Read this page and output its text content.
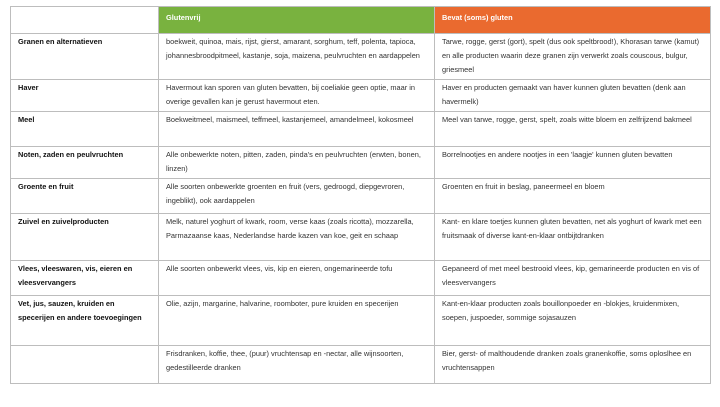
	Glutenvrij	Bevat (soms) gluten
Granen en alternatieven	boekweit, quinoa, mais, rijst, gierst, amarant, sorghum, teff, polenta, tapioca, johannesbroodpitmeel, kastanje, soja, maizena, peulvruchten en aardappelen	Tarwe, rogge, gerst (gort), spelt (dus ook speltbrood!), Khorasan tarwe (kamut) en alle producten waarin deze granen zijn verwerkt zoals couscous, bulgur, griesmeel
Haver	Havermout kan sporen van gluten bevatten, bij coeliakie geen optie, maar in overige gevallen kan je gerust havermout eten.	Haver en producten gemaakt van haver kunnen gluten bevatten (denk aan havermelk)
Meel	Boekweitmeel, maismeel, teffmeel, kastanjemeel, amandelmeel, kokosmeel	Meel van tarwe, rogge, gerst, spelt, zoals witte bloem en zelfrijzend bakmeel
Noten, zaden en peulvruchten	Alle onbewerkte noten, pitten, zaden, pinda's en peulvruchten (erwten, bonen, linzen)	Borrelnootjes en andere nootjes in een 'laagje' kunnen gluten bevatten
Groente en fruit	Alle soorten onbewerkte groenten en fruit (vers, gedroogd, diepgevroren, ingeblikt), ook aardappelen	Groenten en fruit in beslag, paneermeel en bloem
Zuivel en zuivelproducten	Melk, naturel yoghurt of kwark, room, verse kaas (zoals ricotta), mozzarella, Parmazaanse kaas, Nederlandse harde kazen van koe, geit en schaap	Kant- en klare toetjes kunnen gluten bevatten, net als yoghurt of kwark met een fruitsmaak of diverse kant-en-klaar ontbijtdranken
Vlees, vleeswaren, vis, eieren en vleesvervangers	Alle soorten onbewerkt vlees, vis, kip en eieren, ongemarineerde tofu	Gepaneerd of met meel bestrooid vlees, kip, gemarineerde producten en vis of vleesvervangers
Vet, jus, sauzen, kruiden en specerijen en andere toevoegingen	Olie, azijn, margarine, halvarine, roomboter, pure kruiden en specerijen	Kant-en-klaar producten zoals bouillonpoeder en -blokjes, kruidenmixen, soepen, juspoeder, sommige sojasauzen
	Frisdranken, koffie, thee, (puur) vruchtensap en -nectar, alle wijnsoorten, gedestilleerde dranken	Bier, gerst- of malthoudende dranken zoals granenkoffie, soms oploslhee en vruchtensappen
